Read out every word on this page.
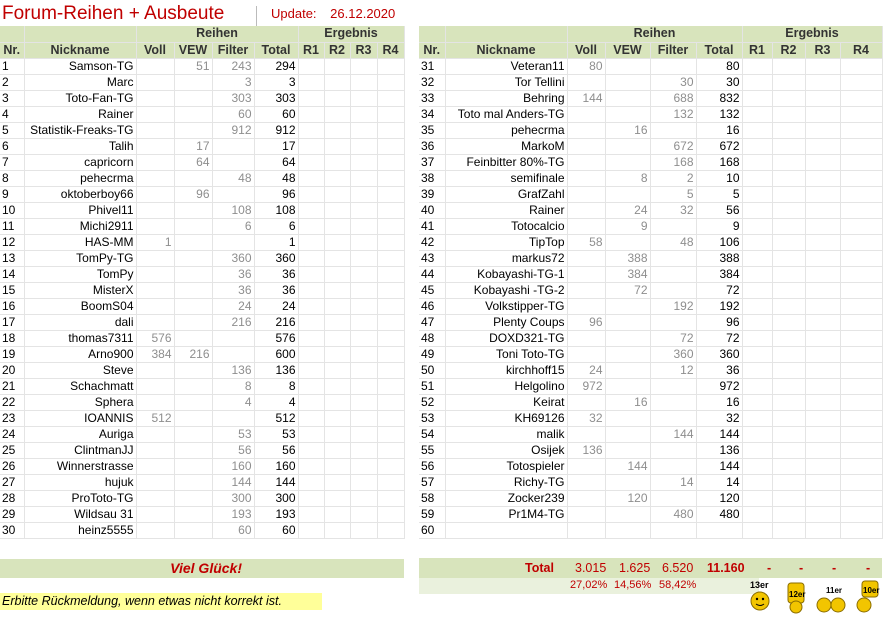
Forum-Reihen + Ausbeute	Update: 26.12.2020
		Reihen				Ergebnis			
Nr.	Nickname	Voll	VEW	Filter	Total	R1	R2	R3	R4
1	Samson-TG		51	243	294				
2	Marc			3	3				
3	Toto-Fan-TG			303	303				
4	Rainer			60	60				
5	Statistik-Freaks-TG			912	912				
6	Talih		17		17				
7	capricorn		64		64				
8	pehecrma			48	48				
9	oktoberboy66		96		96				
10	Phivel11			108	108				
11	Michi2911			6	6				
12	HAS-MM	1			1				
13	TomPy-TG			360	360				
14	TomPy			36	36				
15	MisterX			36	36				
16	BoomS04			24	24				
17	dali			216	216				
18	thomas7311	576			576				
19	Arno900	384	216		600				
20	Steve			136	136				
21	Schachmatt			8	8				
22	Sphera			4	4				
23	IOANNIS	512			512				
24	Auriga			53	53				
25	ClintmanJJ			56	56				
26	Winnerstrasse			160	160				
27	hujuk			144	144				
28	ProToto-TG			300	300				
29	Wildsau 31			193	193				
30	heinz5555			60	60				
		Reihen				Ergebnis			
Nr.	Nickname	Voll	VEW	Filter	Total	R1	R2	R3	R4
31	Veteran11	80			80				
32	Tor Tellini			30	30				
33	Behring	144		688	832				
34	Toto mal Anders-TG			132	132				
35	pehecrma		16		16				
36	MarkoM			672	672				
37	Feinbitter 80%-TG			168	168				
38	semifinale		8	2	10				
39	GrafZahl			5	5				
40	Rainer		24	32	56				
41	Totocalcio		9		9				
42	TipTop	58		48	106				
43	markus72		388		388				
44	Kobayashi-TG-1		384		384				
45	Kobayashi -TG-2		72		72				
46	Volkstipper-TG			192	192				
47	Plenty Coups	96			96				
48	DOXD321-TG			72	72				
49	Toni Toto-TG			360	360				
50	kirchhoff15	24		12	36				
51	Helgolino	972			972				
52	Keirat		16		16				
53	KH69126	32			32				
54	malik			144	144				
55	Osijek	136			136				
56	Totospieler		144		144				
57	Richy-TG			14	14				
58	Zocker239		120		120				
59	Pr1M4-TG			480	480				
60									
Viel Glück!	Total 3.015 1.625 6.520 11.160 - - - -
27,02% 14,56% 58,42%
Erbitte Rückmeldung, wenn etwas nicht korrekt ist.
13er
12er	11er	10er
